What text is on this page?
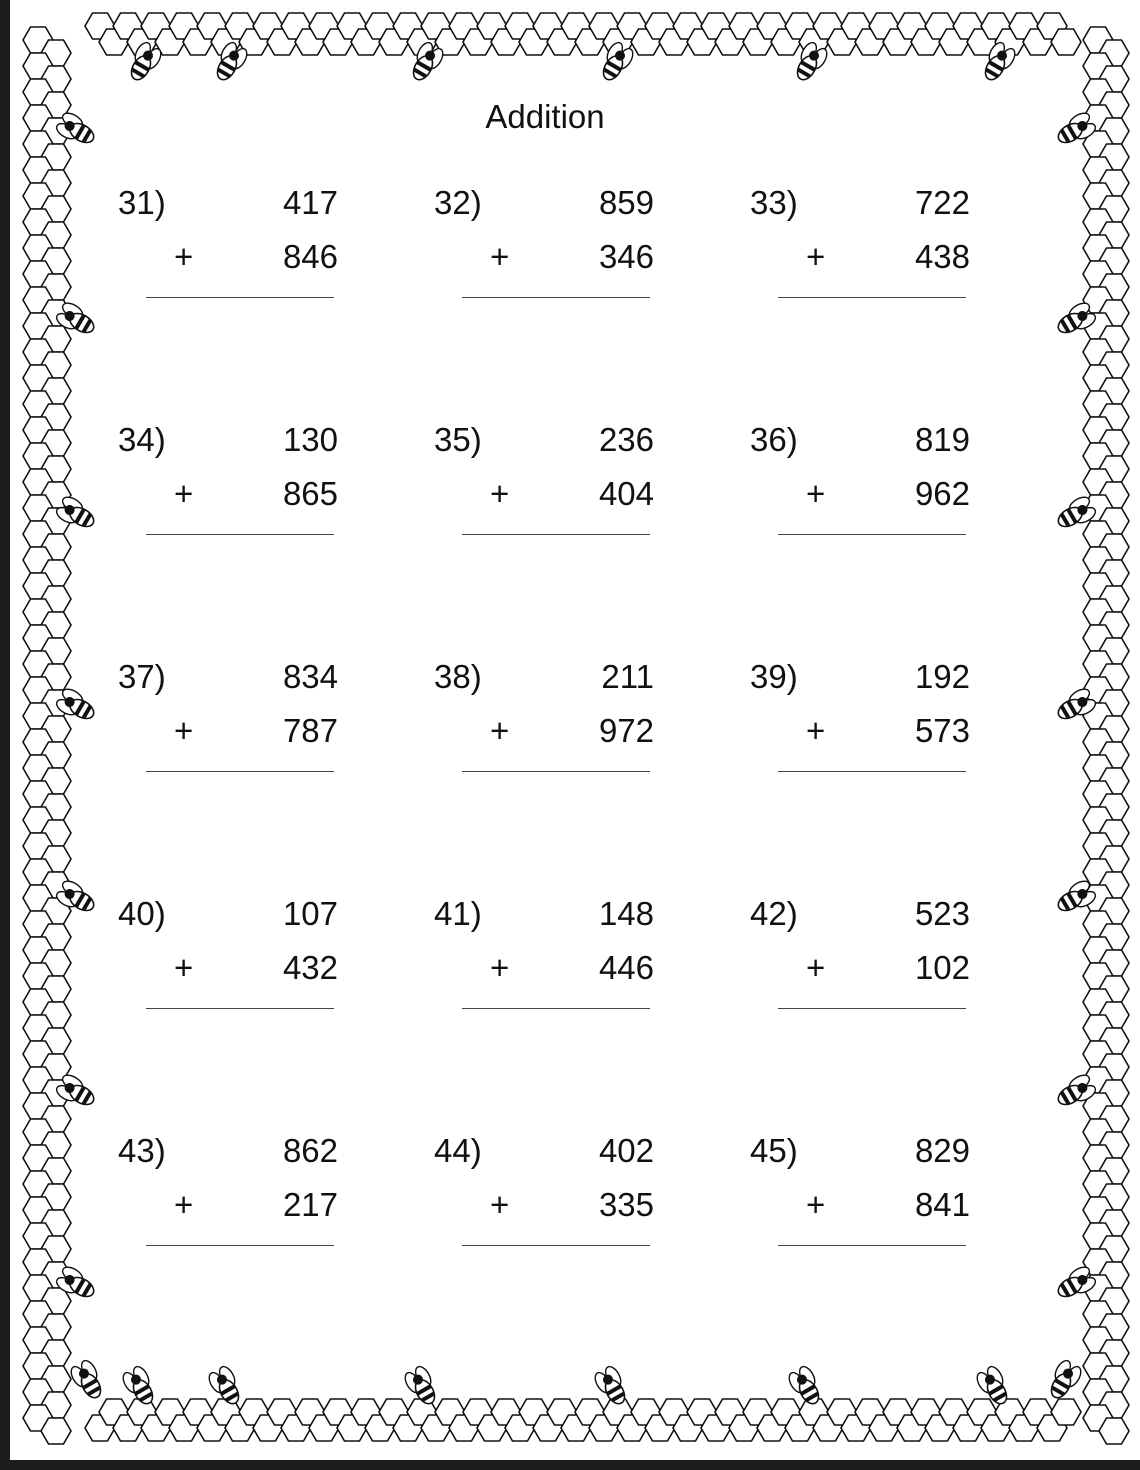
Addition
31)	417
+	846
32)	859
+	346
33)	722
+	438
34)	130
+	865
35)	236
+	404
36)	819
+	962
37)	834
+	787
38)	211
+	972
39)	192
+	573
40)	107
+	432
41)	148
+	446
42)	523
+	102
43)	862
+	217
44)	402
+	335
45)	829
+	841
